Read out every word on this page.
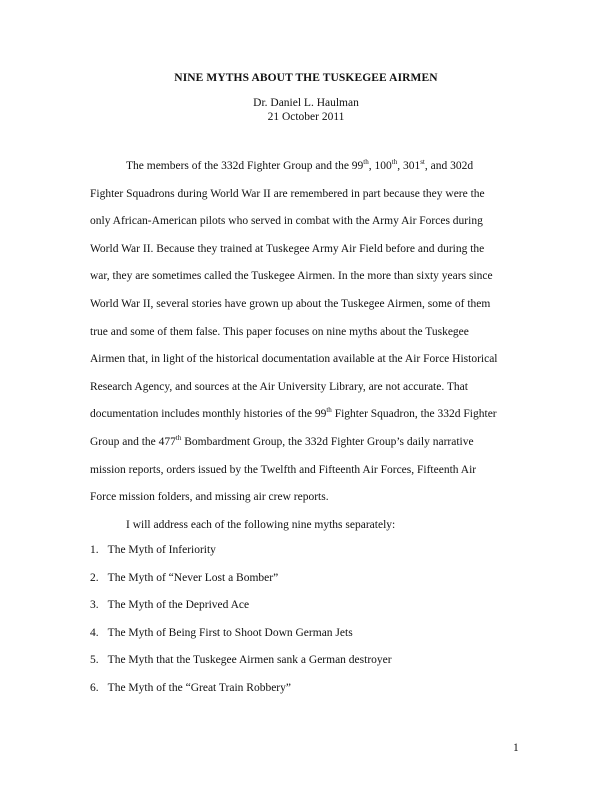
NINE MYTHS ABOUT THE TUSKEGEE AIRMEN
Dr. Daniel L. Haulman
21 October 2011
The members of the 332d Fighter Group and the 99th, 100th, 301st, and 302d
Fighter Squadrons during World War II are remembered in part because they were the
only African-American pilots who served in combat with the Army Air Forces during
World War II. Because they trained at Tuskegee Army Air Field before and during the
war, they are sometimes called the Tuskegee Airmen. In the more than sixty years since
World War II, several stories have grown up about the Tuskegee Airmen, some of them
true and some of them false. This paper focuses on nine myths about the Tuskegee
Airmen that, in light of the historical documentation available at the Air Force Historical
Research Agency, and sources at the Air University Library, are not accurate. That
documentation includes monthly histories of the 99th Fighter Squadron, the 332d Fighter
Group and the 477th Bombardment Group, the 332d Fighter Group’s daily narrative
mission reports, orders issued by the Twelfth and Fifteenth Air Forces, Fifteenth Air
Force mission folders, and missing air crew reports.
I will address each of the following nine myths separately:
1. The Myth of Inferiority
2. The Myth of “Never Lost a Bomber”
3. The Myth of the Deprived Ace
4. The Myth of Being First to Shoot Down German Jets
5. The Myth that the Tuskegee Airmen sank a German destroyer
6. The Myth of the “Great Train Robbery”
1
